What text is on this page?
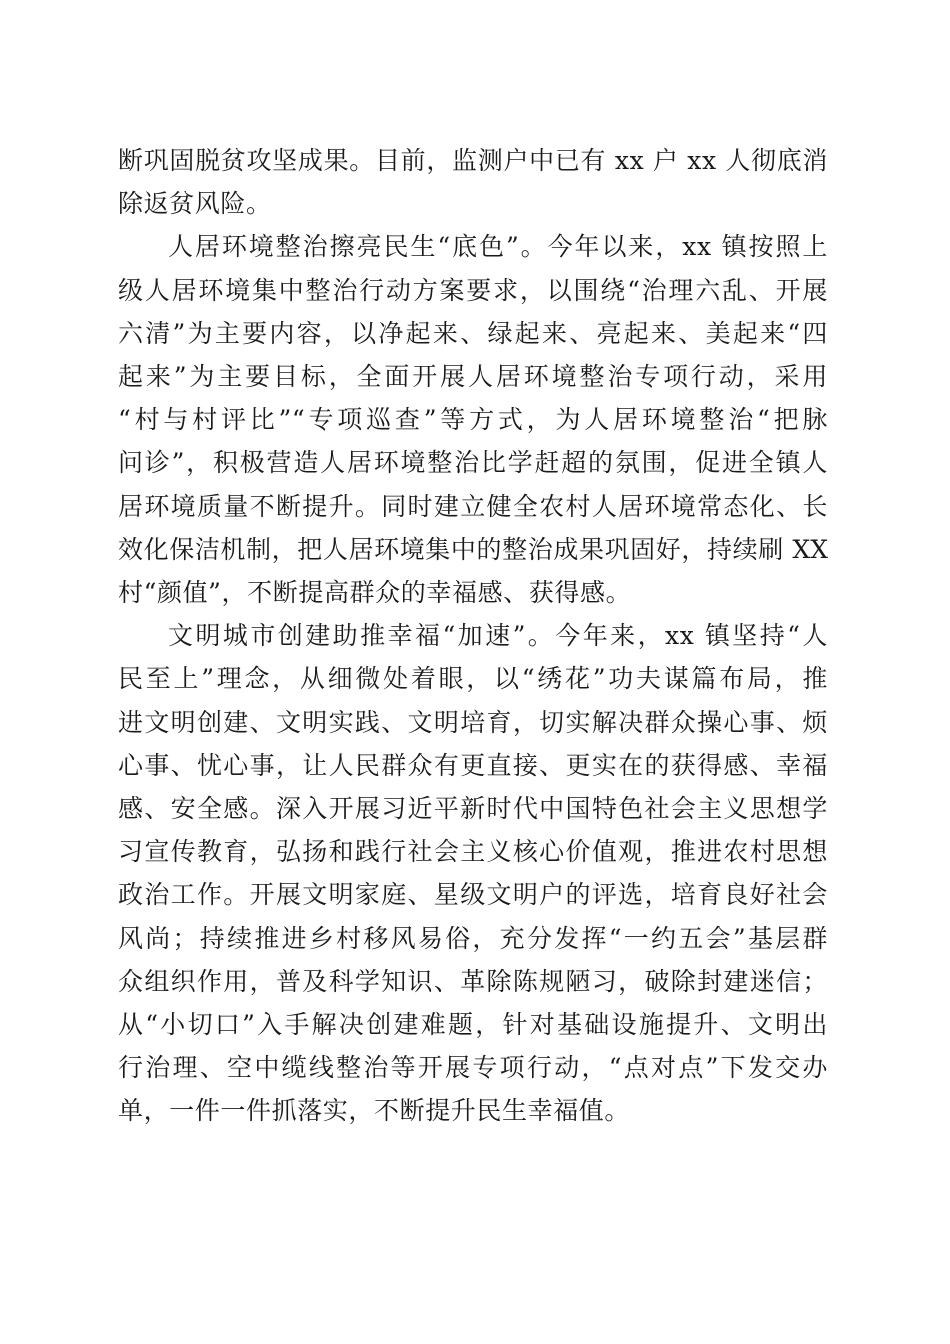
断巩固脱贫攻坚成果。目前，监测户中已有 xx 户 xx 人彻底消
除返贫风险。
人居环境整治擦亮民生“底色”。今年以来，xx 镇按照上
级人居环境集中整治行动方案要求，以围绕“治理六乱、开展
六清”为主要内容，以净起来、绿起来、亮起来、美起来“四
起来”为主要目标，全面开展人居环境整治专项行动，采用
“村与村评比”“专项巡查”等方式，为人居环境整治“把脉
问诊”，积极营造人居环境整治比学赶超的氛围，促进全镇人
居环境质量不断提升。同时建立健全农村人居环境常态化、长
效化保洁机制，把人居环境集中的整治成果巩固好，持续刷 XX
村“颜值”，不断提高群众的幸福感、获得感。
文明城市创建助推幸福“加速”。今年来，xx 镇坚持“人
民至上”理念，从细微处着眼，以“绣花”功夫谋篇布局，推
进文明创建、文明实践、文明培育，切实解决群众操心事、烦
心事、忧心事，让人民群众有更直接、更实在的获得感、幸福
感、安全感。深入开展习近平新时代中国特色社会主义思想学
习宣传教育，弘扬和践行社会主义核心价值观，推进农村思想
政治工作。开展文明家庭、星级文明户的评选，培育良好社会
风尚；持续推进乡村移风易俗，充分发挥“一约五会”基层群
众组织作用，普及科学知识、革除陈规陋习，破除封建迷信；
从“小切口”入手解决创建难题，针对基础设施提升、文明出
行治理、空中缆线整治等开展专项行动，“点对点”下发交办
单，一件一件抓落实，不断提升民生幸福值。
